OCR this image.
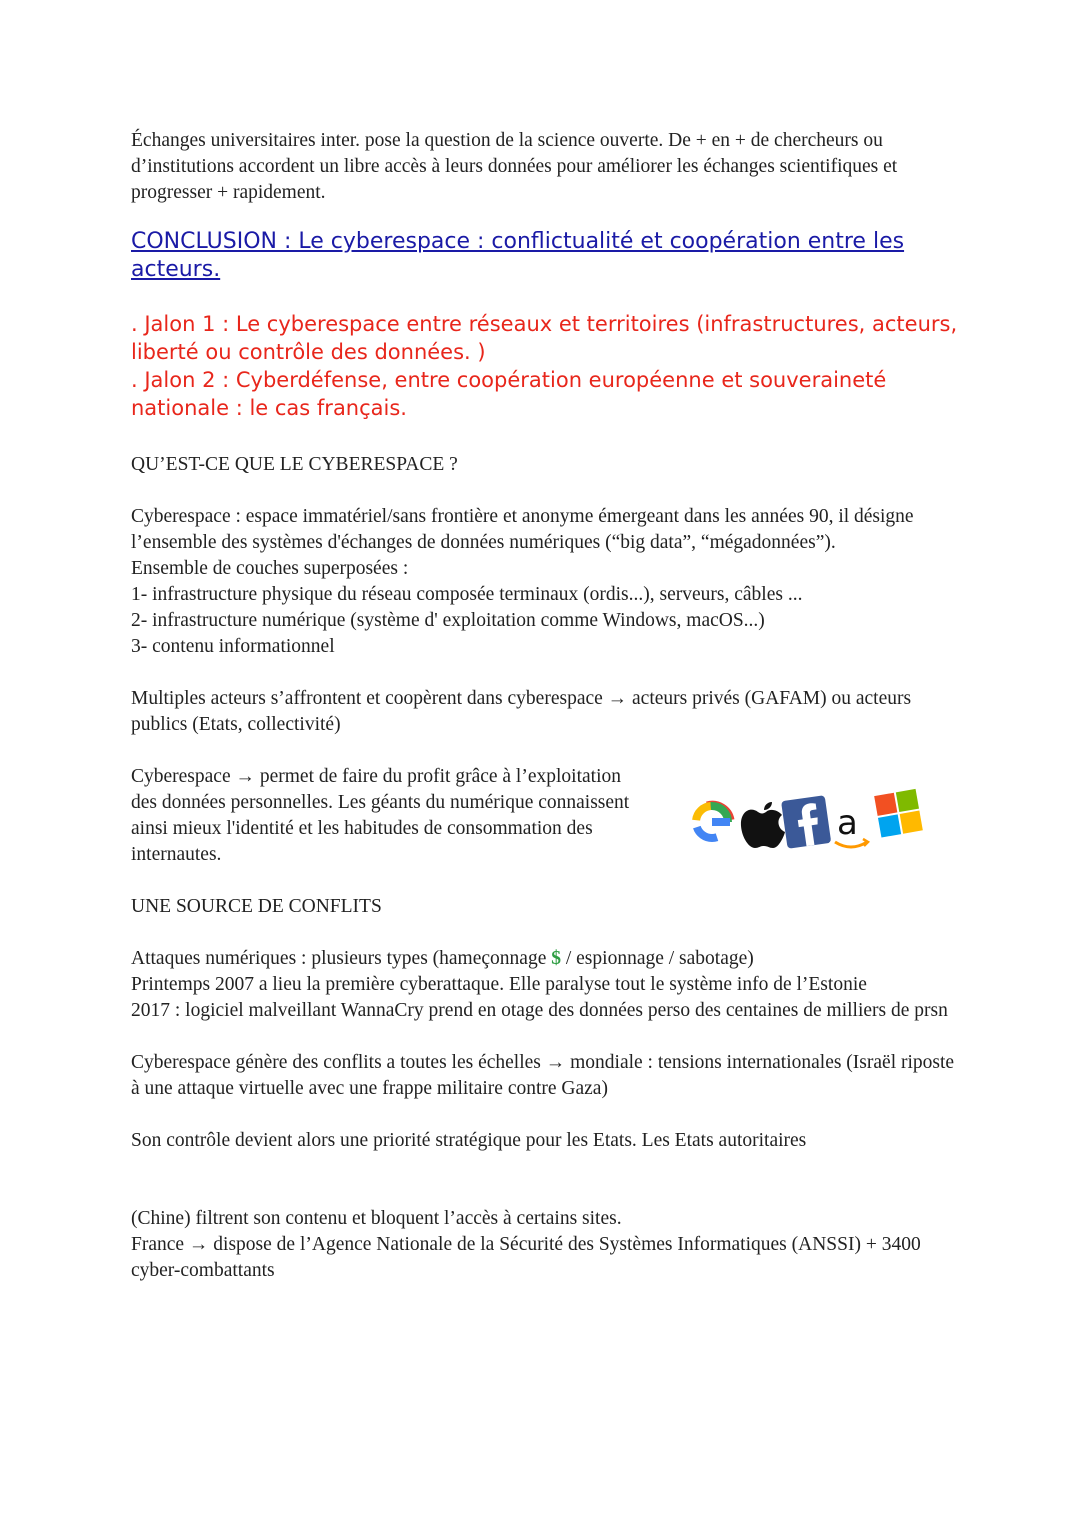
Échanges universitaires inter. pose la question de la science ouverte. De + en + de chercheurs ou d’institutions accordent un libre accès à leurs données pour améliorer les échanges scientifiques et progresser + rapidement.

CONCLUSION : Le cyberespace : conflictualité et coopération entre les acteurs.

. Jalon 1 : Le cyberespace entre réseaux et territoires (infrastructures, acteurs, liberté ou contrôle des données. )

. Jalon 2 : Cyberdéfense, entre coopération européenne et souveraineté nationale : le cas français.

QU’EST-CE QUE LE CYBERESPACE ?

Cyberespace : espace immatériel/sans frontière et anonyme émergeant dans les années 90, il désigne l’ensemble des systèmes d'échanges de données numériques (“big data”, “mégadonnées”).

Ensemble de couches superposées :

1- infrastructure physique du réseau composée terminaux (ordis...), serveurs, câbles ...

2- infrastructure numérique (système d' exploitation comme Windows, macOS...)

3- contenu informationnel

Multiples acteurs s’affrontent et coopèrent dans cyberespace → acteurs privés (GAFAM) ou acteurs publics (Etats, collectivité)

Cyberespace → permet de faire du profit grâce à l’exploitation des données personnelles. Les géants du numérique connaissent ainsi mieux l'identité et les habitudes de consommation des internautes.

a

UNE SOURCE DE CONFLITS

Attaques numériques : plusieurs types (hameçonnage $ / espionnage / sabotage)

Printemps 2007 a lieu la première cyberattaque. Elle paralyse tout le système info de l’Estonie

2017 : logiciel malveillant WannaCry prend en otage des données perso des centaines de milliers de prsn

Cyberespace génère des conflits a toutes les échelles → mondiale : tensions internationales (Israël riposte à une attaque virtuelle avec une frappe militaire contre Gaza)

Son contrôle devient alors une priorité stratégique pour les Etats. Les Etats autoritaires

(Chine) filtrent son contenu et bloquent l’accès à certains sites.

France → dispose de l’Agence Nationale de la Sécurité des Systèmes Informatiques (ANSSI) + 3400 cyber-combattants
